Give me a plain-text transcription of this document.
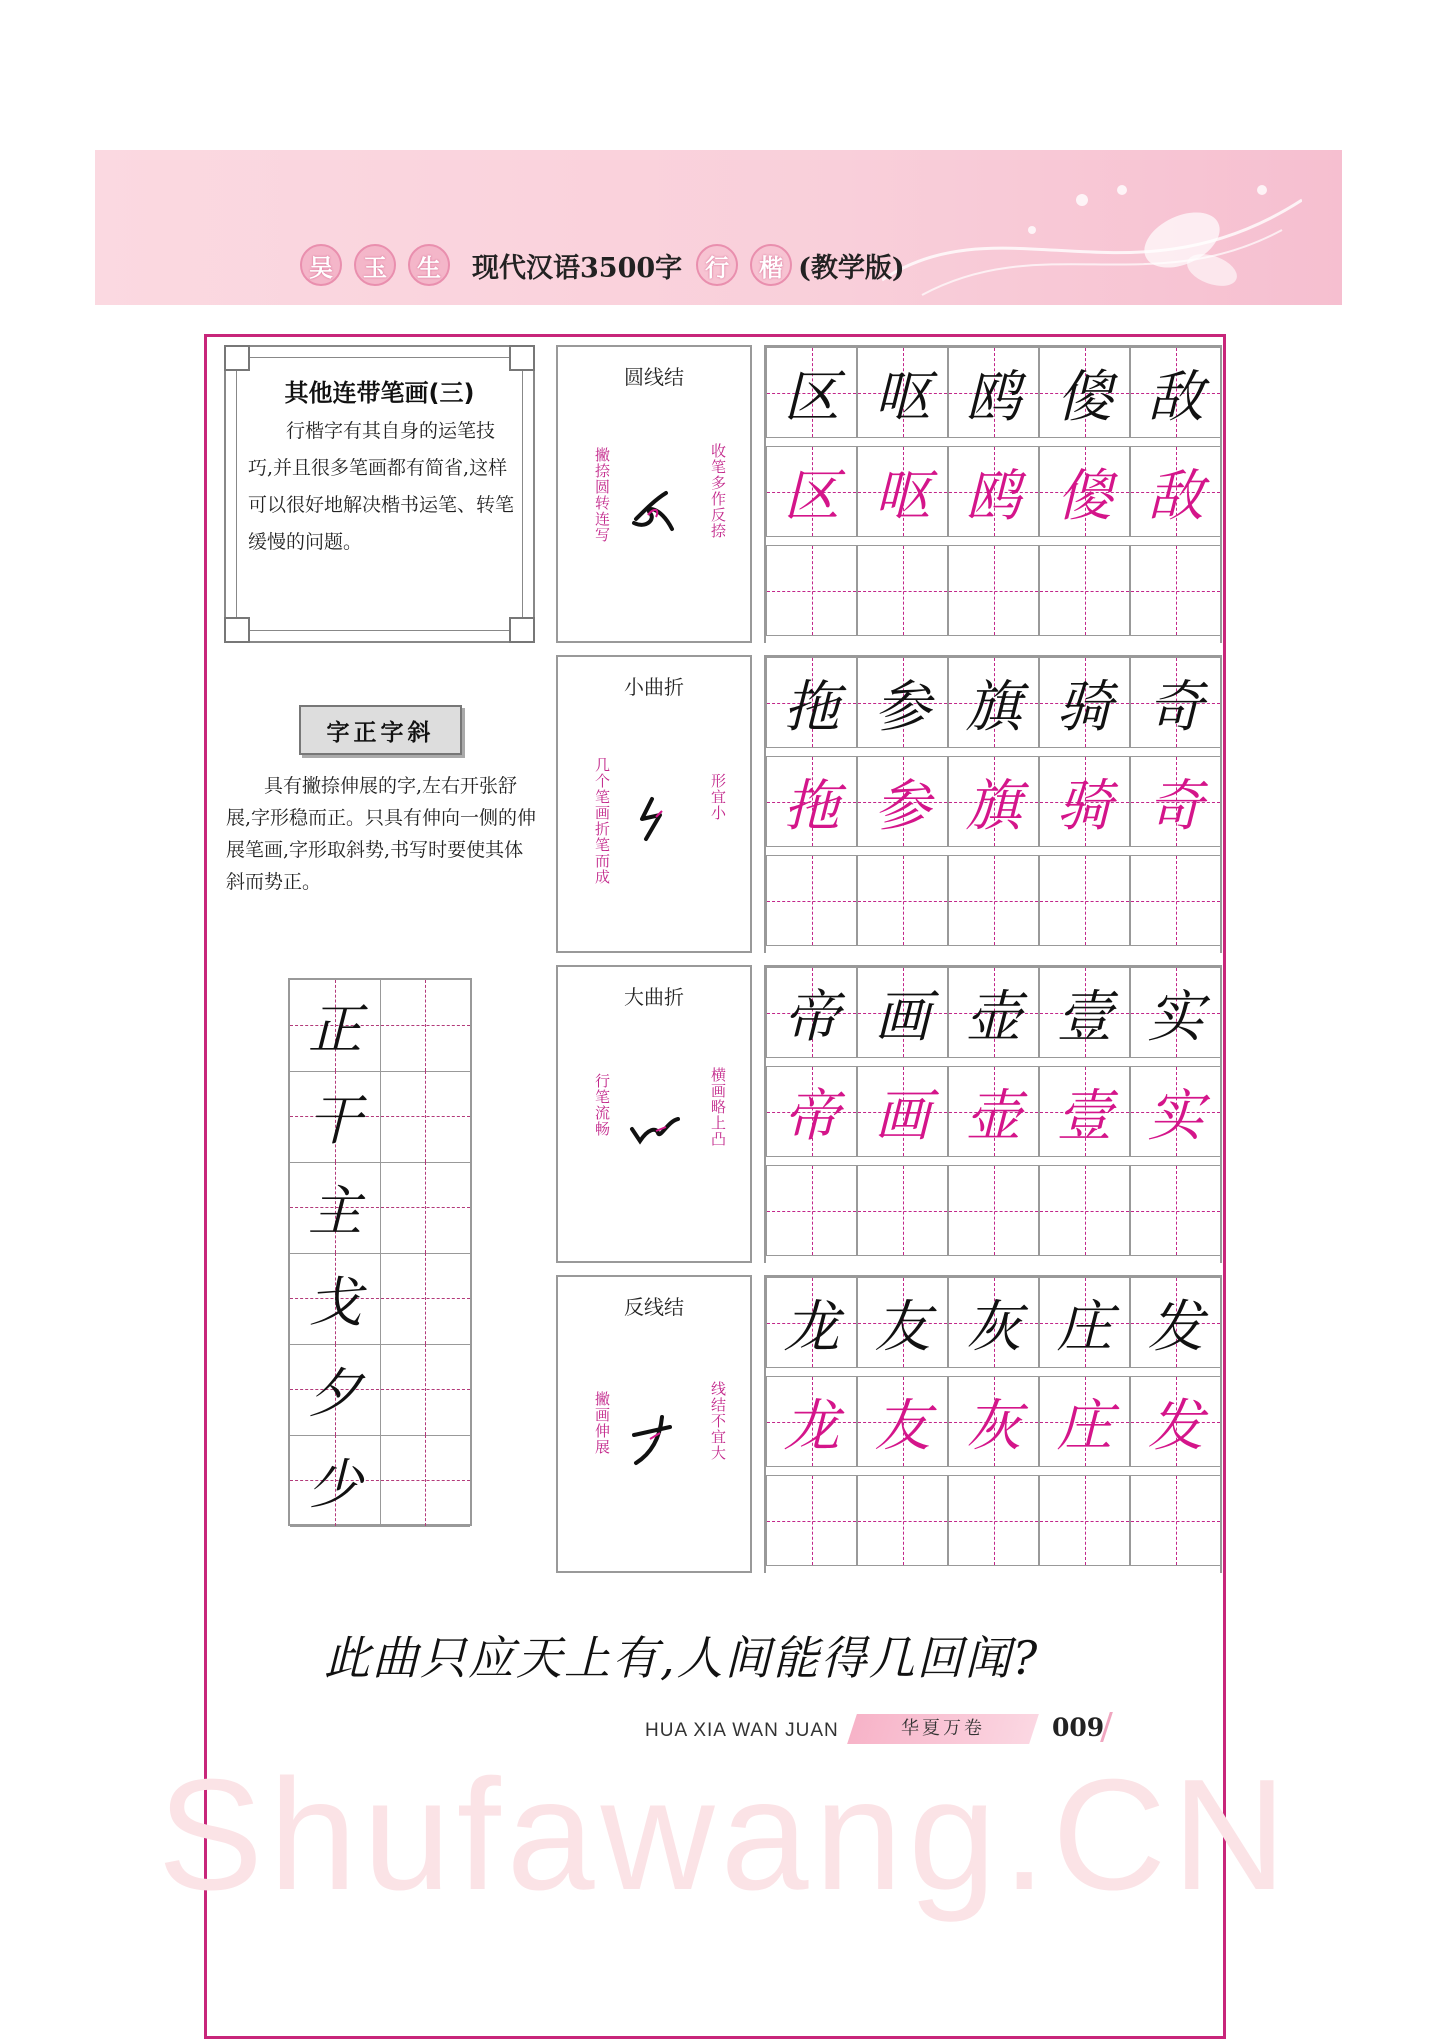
吴	玉	生	现代汉语3500字 行	楷 (教学版)
其他连带笔画(三)

行楷字有其自身的运笔技巧,并且很多笔画都有简省,这样可以很好地解决楷书运笔、转笔缓慢的问题。

字正字斜

具有撇捺伸展的字,左右开张舒展,字形稳而正。只具有伸向一侧的伸展笔画,字形取斜势,书写时要使其体斜而势正。

正
干
主
戈
夕
少
圆线结
撇捺圆转连写	收笔多作反捺
小曲折
几个笔画折笔而成	形宜小
大曲折
行笔流畅	横画略上凸
反线结
撇画伸展	线结不宜大
区 呕 鸥 傻 敌
区 呕 鸥 傻 敌
拖 参 旗 骑 奇
拖 参 旗 骑 奇
帝 画 壶 壹 实
帝 画 壶 壹 实
龙 友 灰 庄 发
龙 友 灰 庄 发
此曲只应天上有,人间能得几回闻?
HUA XIA WAN JUAN	华夏万卷	009
Shufawang.CN
